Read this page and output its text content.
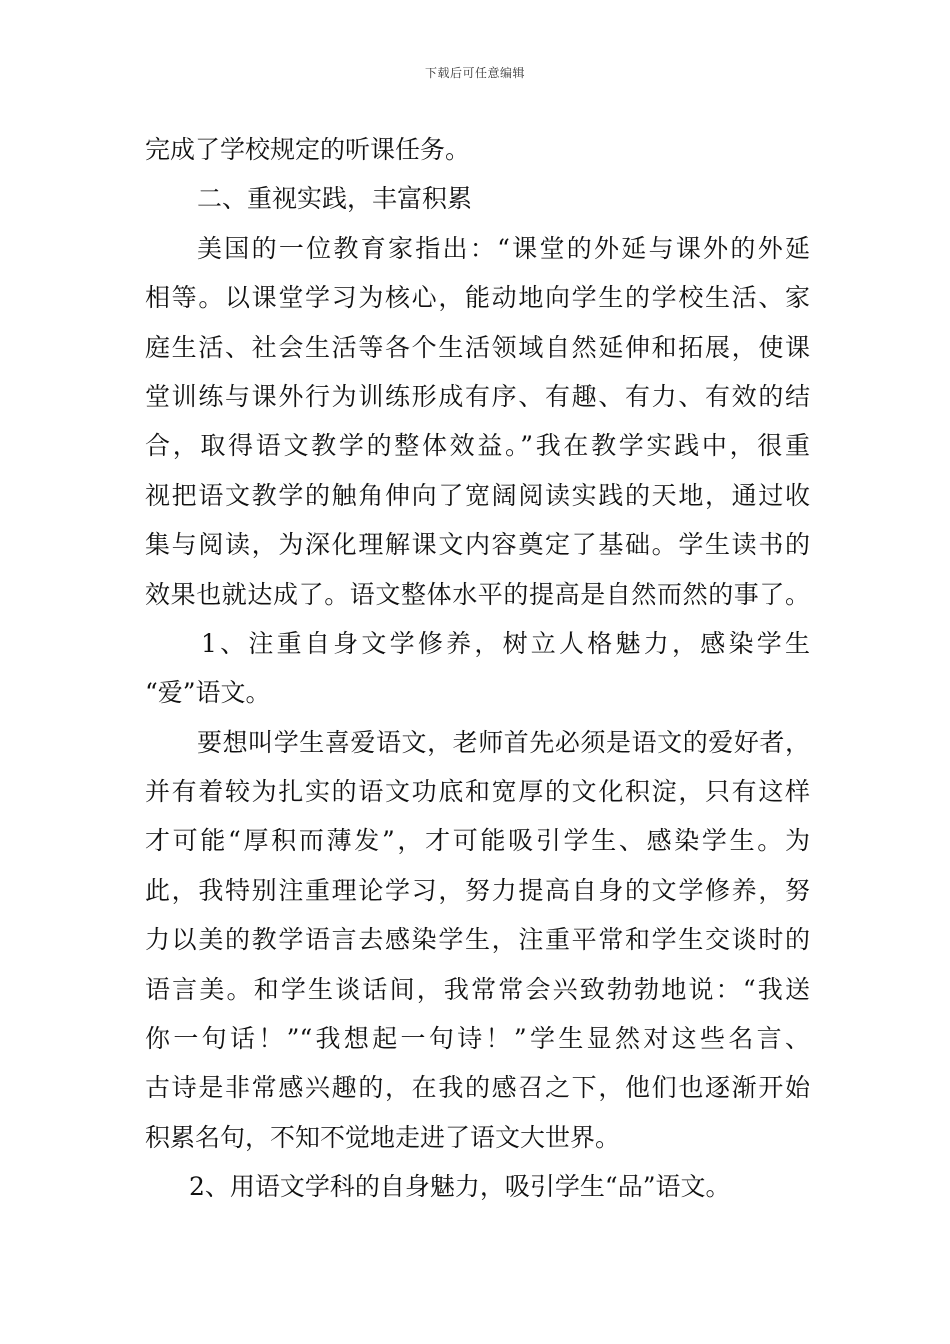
下载后可任意编辑
完成了学校规定的听课任务。
二、重视实践，丰富积累
美国的一位教育家指出：“课堂的外延与课外的外延
相等。以课堂学习为核心，能动地向学生的学校生活、家
庭生活、社会生活等各个生活领域自然延伸和拓展，使课
堂训练与课外行为训练形成有序、有趣、有力、有效的结
合，取得语文教学的整体效益。”我在教学实践中，很重
视把语文教学的触角伸向了宽阔阅读实践的天地，通过收
集与阅读，为深化理解课文内容奠定了基础。学生读书的
效果也就达成了。语文整体水平的提高是自然而然的事了。
1、注重自身文学修养，树立人格魅力，感染学生
“爱”语文。
要想叫学生喜爱语文，老师首先必须是语文的爱好者，
并有着较为扎实的语文功底和宽厚的文化积淀，只有这样
才可能“厚积而薄发”，才可能吸引学生、感染学生。为
此，我特别注重理论学习，努力提高自身的文学修养，努
力以美的教学语言去感染学生，注重平常和学生交谈时的
语言美。和学生谈话间，我常常会兴致勃勃地说：“我送
你一句话！”“我想起一句诗！”学生显然对这些名言、
古诗是非常感兴趣的，在我的感召之下，他们也逐渐开始
积累名句，不知不觉地走进了语文大世界。
2、用语文学科的自身魅力，吸引学生“品”语文。
